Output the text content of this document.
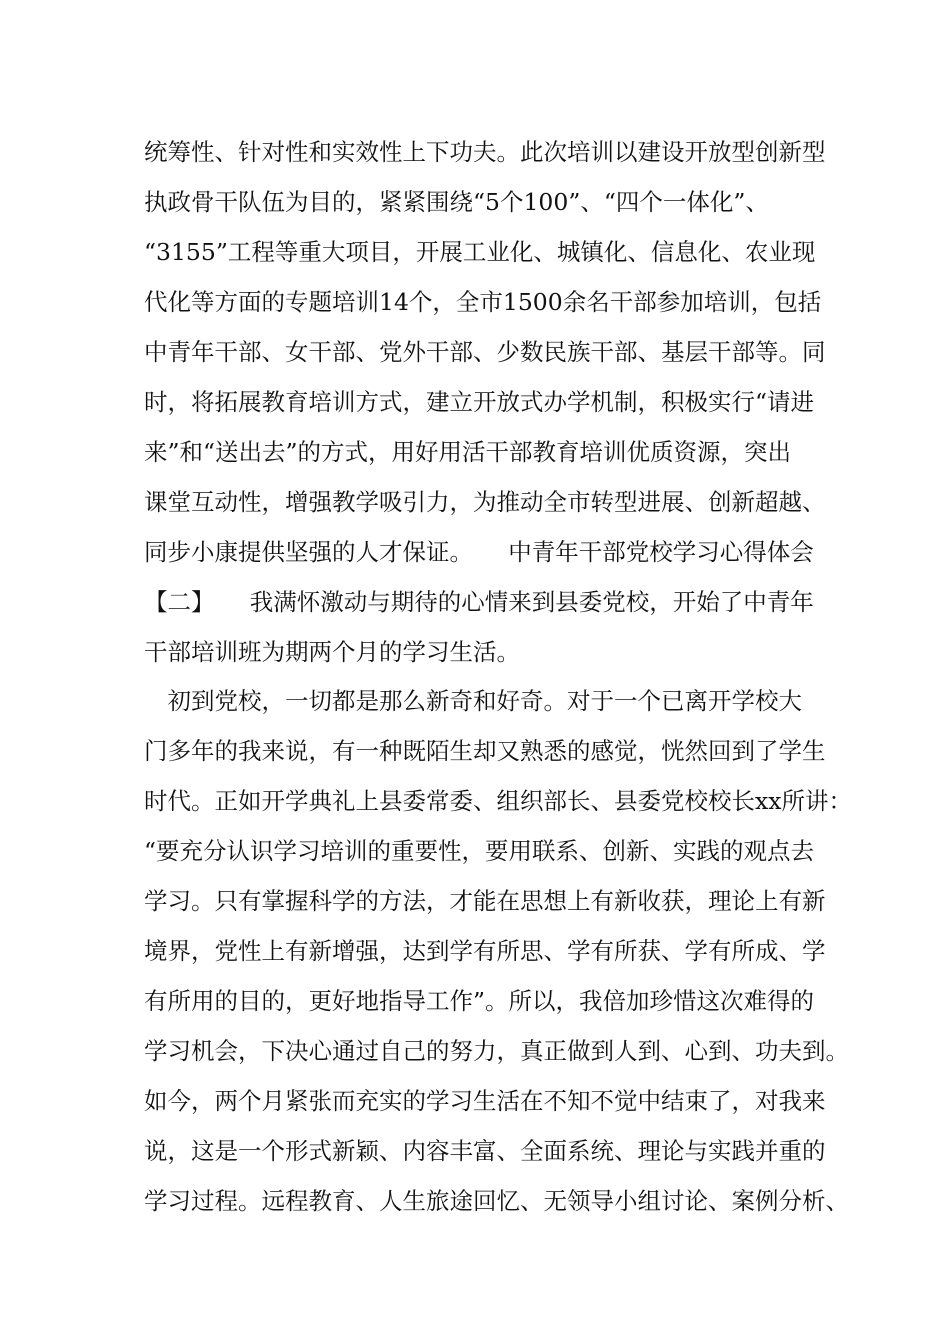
统筹性、针对性和实效性上下功夫。此次培训以建设开放型创新型
执政骨干队伍为目的，紧紧围绕“5个100”、“四个一体化”、
“3155”工程等重大项目，开展工业化、城镇化、信息化、农业现
代化等方面的专题培训14个，全市1500余名干部参加培训，包括
中青年干部、女干部、党外干部、少数民族干部、基层干部等。同
时，将拓展教育培训方式，建立开放式办学机制，积极实行“请进
来”和“送出去”的方式，用好用活干部教育培训优质资源，突出
课堂互动性，增强教学吸引力，为推动全市转型进展、创新超越、
同步小康提供坚强的人才保证。　　中青年干部党校学习心得体会
【二】　　我满怀激动与期待的心情来到县委党校，开始了中青年
干部培训班为期两个月的学习生活。
　初到党校，一切都是那么新奇和好奇。对于一个已离开学校大
门多年的我来说，有一种既陌生却又熟悉的感觉，恍然回到了学生
时代。正如开学典礼上县委常委、组织部长、县委党校校长xx所讲：
“要充分认识学习培训的重要性，要用联系、创新、实践的观点去
学习。只有掌握科学的方法，才能在思想上有新收获，理论上有新
境界，党性上有新增强，达到学有所思、学有所获、学有所成、学
有所用的目的，更好地指导工作”。所以，我倍加珍惜这次难得的
学习机会，下决心通过自己的努力，真正做到人到、心到、功夫到。
如今，两个月紧张而充实的学习生活在不知不觉中结束了，对我来
说，这是一个形式新颖、内容丰富、全面系统、理论与实践并重的
学习过程。远程教育、人生旅途回忆、无领导小组讨论、案例分析、
